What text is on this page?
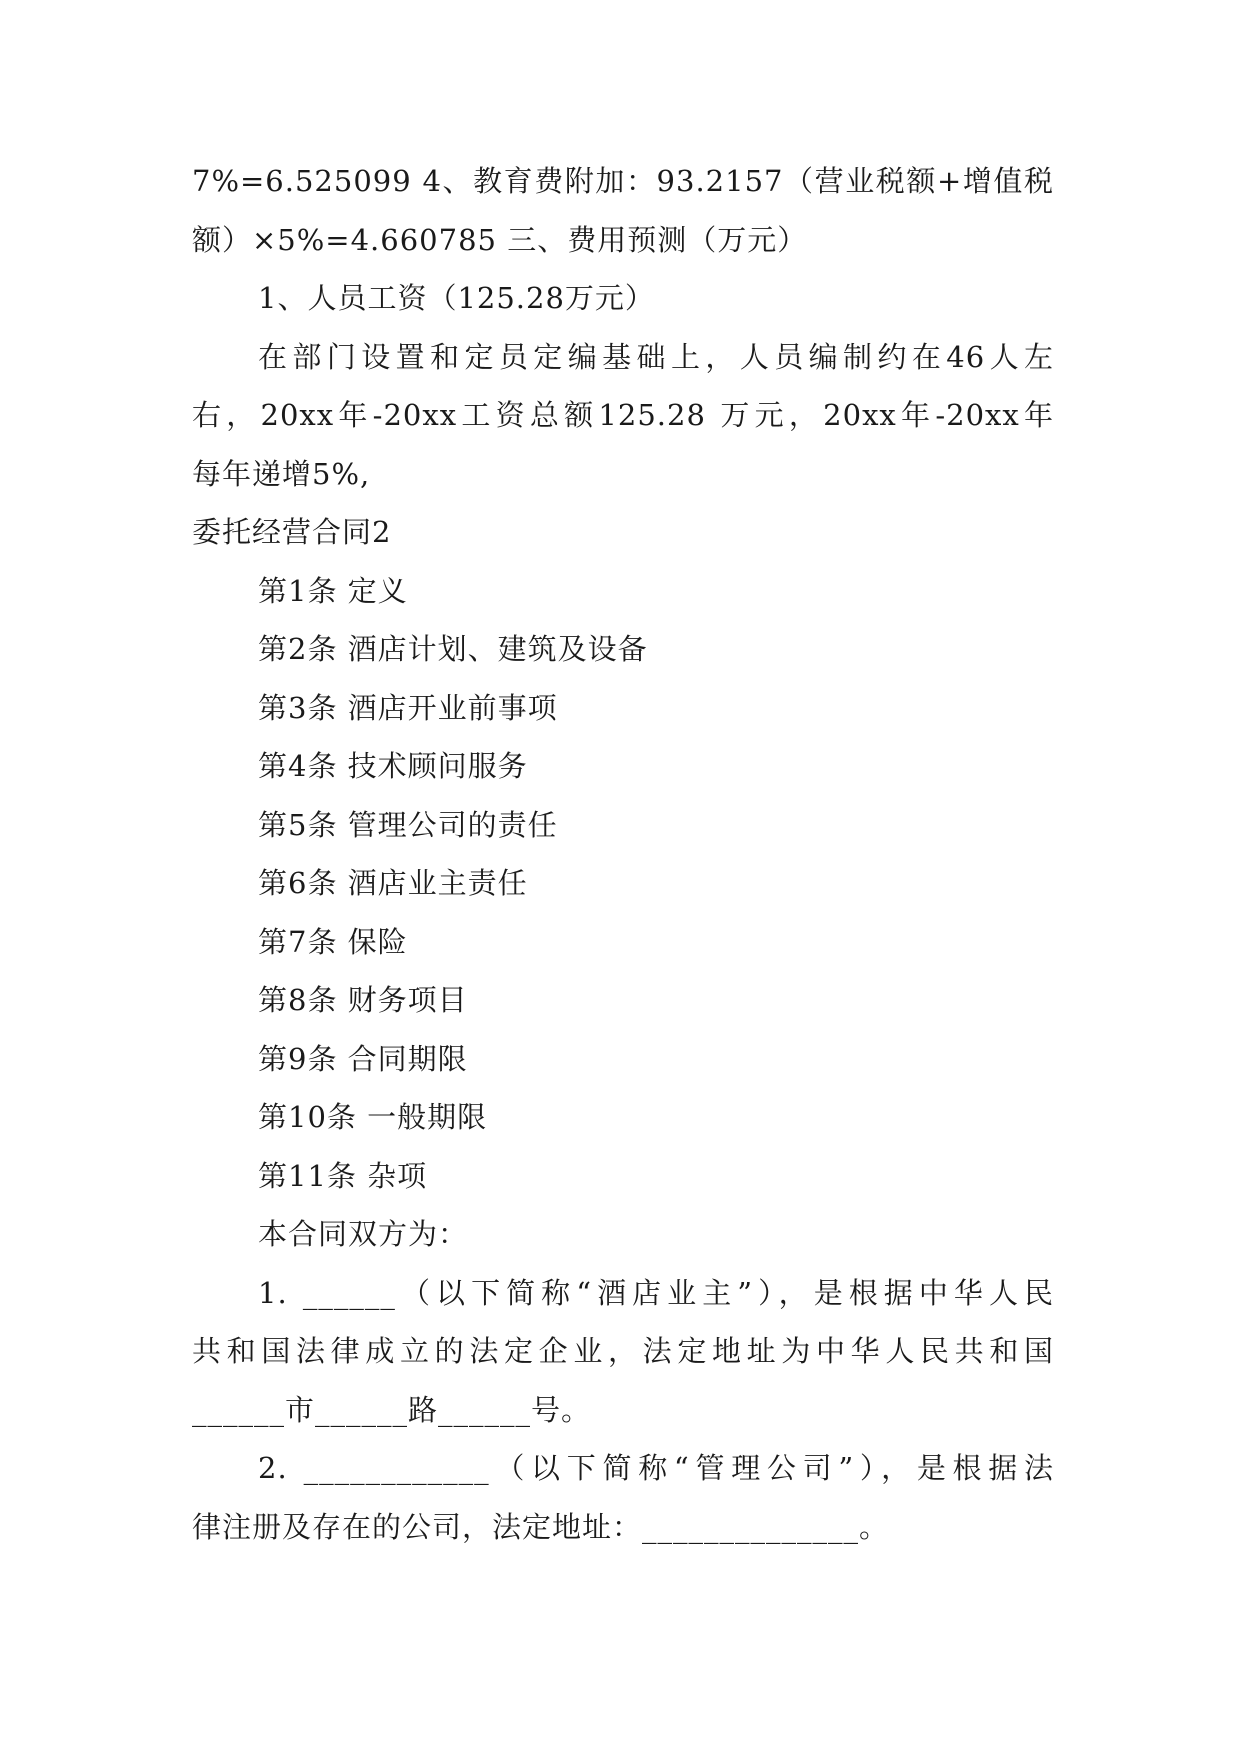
7%=6.525099 4、教育费附加：93.2157（营业税额+增值税
额）×5%=4.660785 三、费用预测（万元）
1、人员工资（125.28万元）
在部门设置和定员定编基础上，人员编制约在46人左
右，20xx年-20xx工资总额125.28 万元，20xx年-20xx年
每年递增5%,
委托经营合同2
第1条 定义
第2条 酒店计划、建筑及设备
第3条 酒店开业前事项
第4条 技术顾问服务
第5条 管理公司的责任
第6条 酒店业主责任
第7条 保险
第8条 财务项目
第9条 合同期限
第10条 一般期限
第11条 杂项
本合同双方为：
1. ______（以下简称“酒店业主”），是根据中华人民
共和国法律成立的法定企业，法定地址为中华人民共和国
______市______路______号。
2. ____________（以下简称“管理公司”），是根据法
律注册及存在的公司，法定地址：______________。
